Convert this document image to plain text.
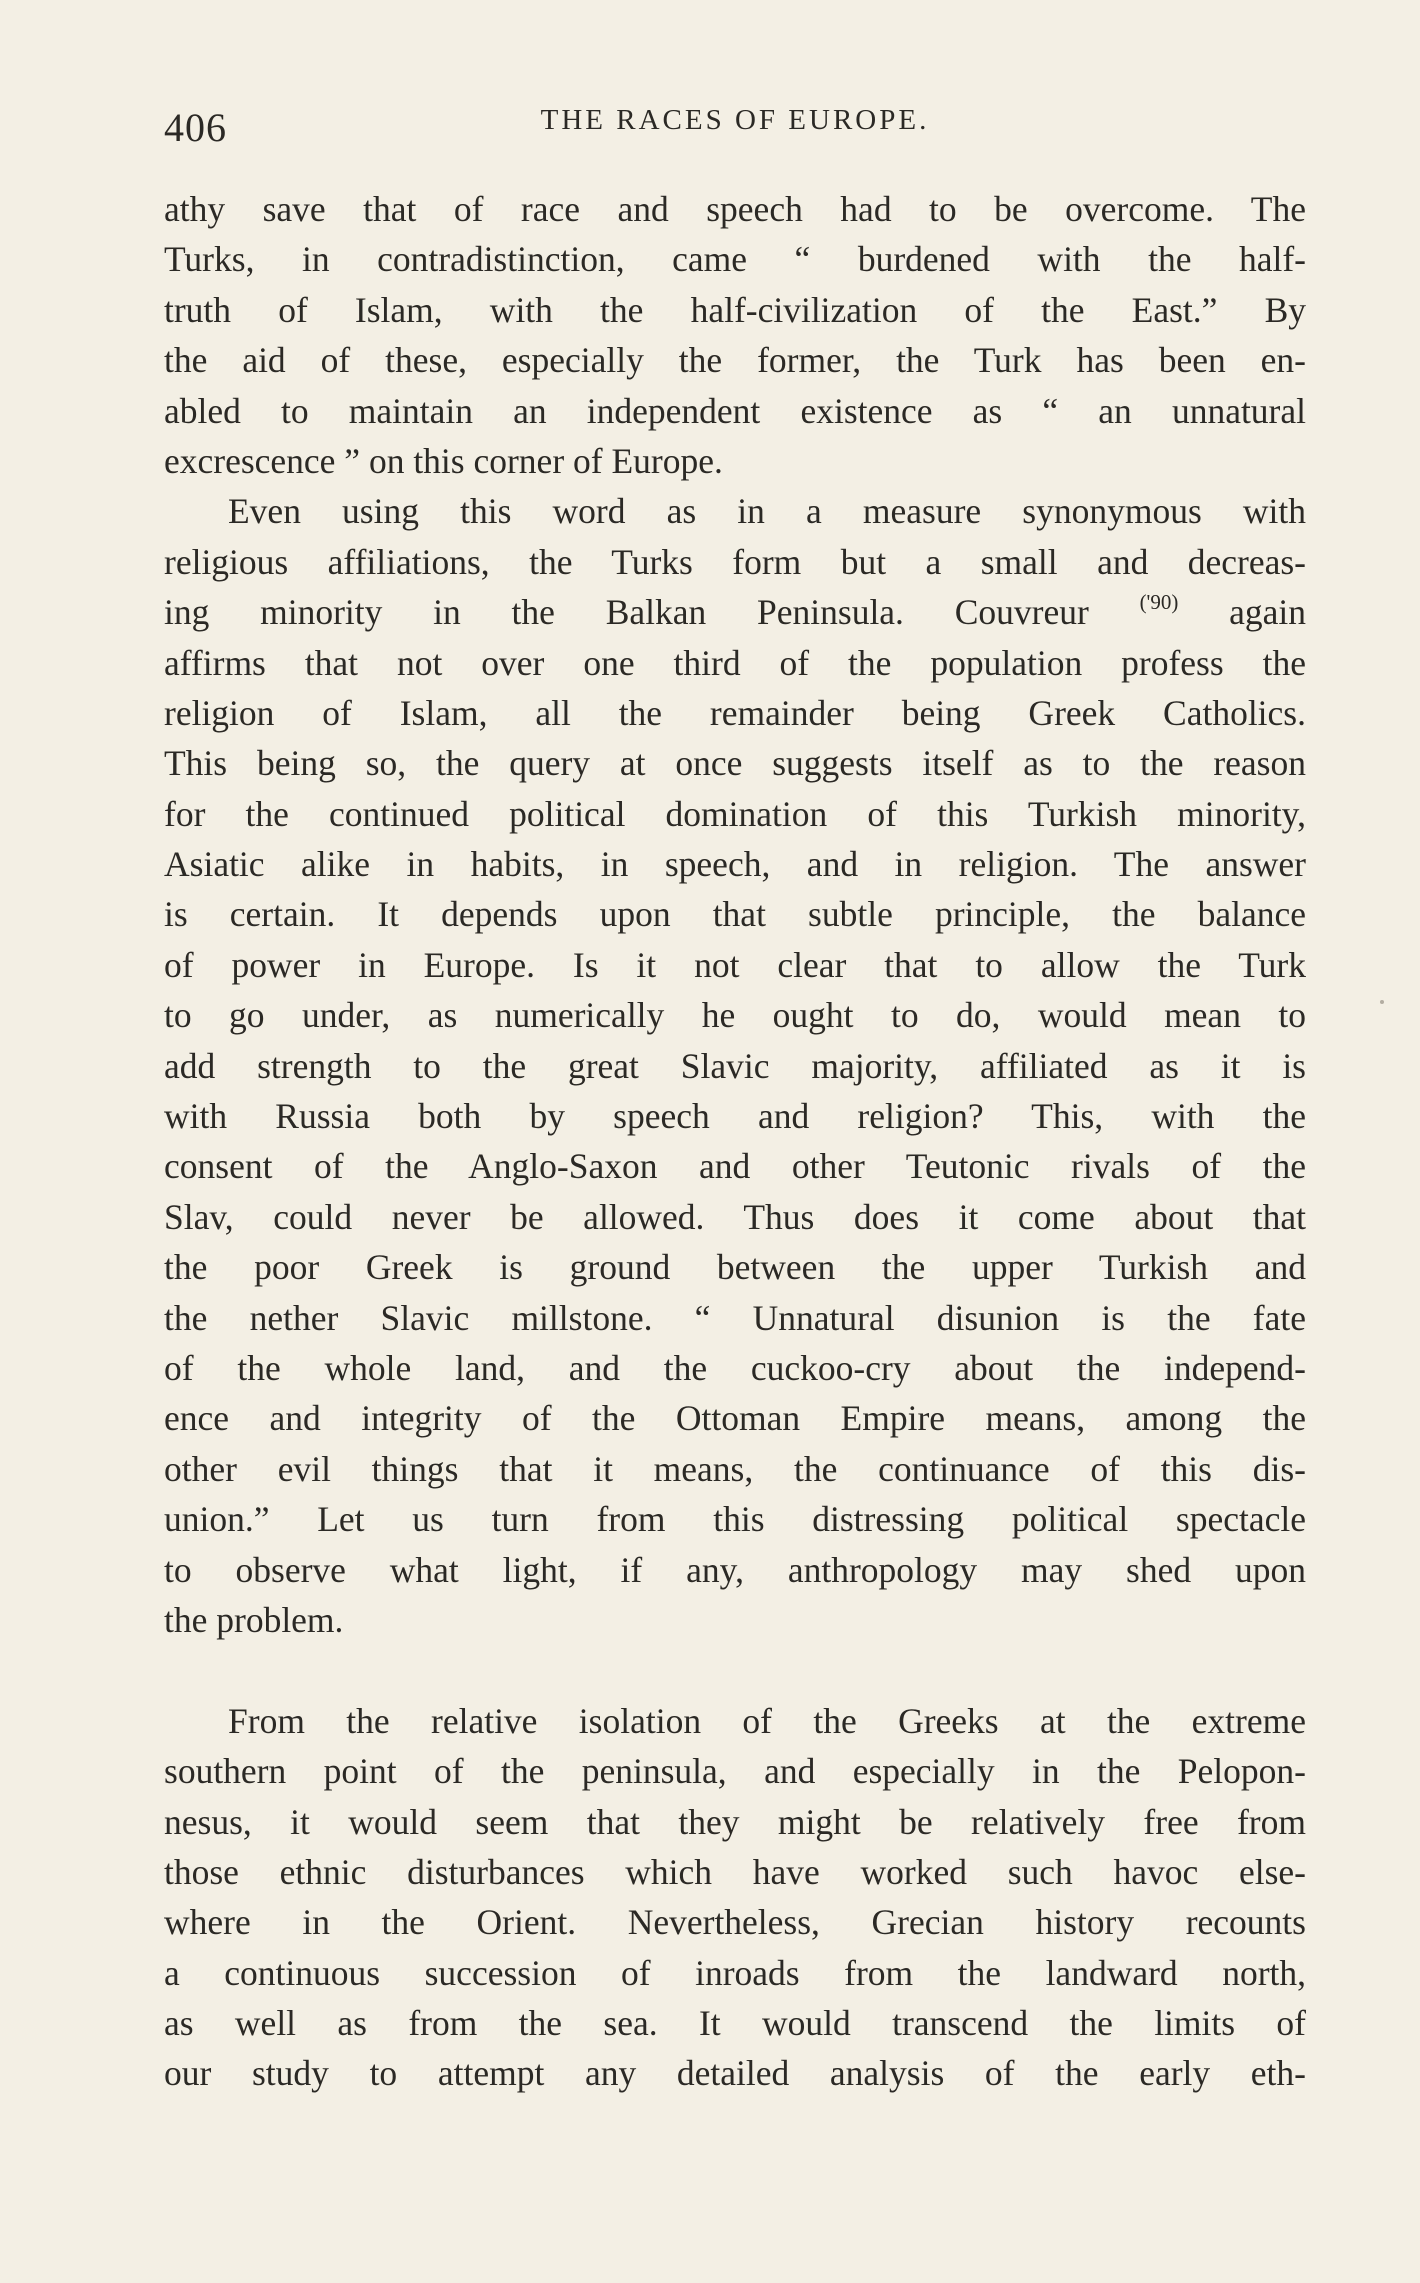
406	THE RACES OF EUROPE.
athy save that of race and speech had to be overcome. The
Turks, in contradistinction, came “ burdened with the half-
truth of Islam, with the half-civilization of the East.” By
the aid of these, especially the former, the Turk has been en-
abled to maintain an independent existence as “ an unnatural
excrescence ” on this corner of Europe.
Even using this word as in a measure synonymous with
religious affiliations, the Turks form but a small and decreas-
ing minority in the Balkan Peninsula. Couvreur $^{('90)}$ again
affirms that not over one third of the population profess the
religion of Islam, all the remainder being Greek Catholics.
This being so, the query at once suggests itself as to the reason
for the continued political domination of this Turkish minority,
Asiatic alike in habits, in speech, and in religion. The answer
is certain. It depends upon that subtle principle, the balance
of power in Europe. Is it not clear that to allow the Turk
to go under, as numerically he ought to do, would mean to
add strength to the great Slavic majority, affiliated as it is
with Russia both by speech and religion? This, with the
consent of the Anglo-Saxon and other Teutonic rivals of the
Slav, could never be allowed. Thus does it come about that
the poor Greek is ground between the upper Turkish and
the nether Slavic millstone. “ Unnatural disunion is the fate
of the whole land, and the cuckoo-cry about the independ-
ence and integrity of the Ottoman Empire means, among the
other evil things that it means, the continuance of this dis-
union.” Let us turn from this distressing political spectacle
to observe what light, if any, anthropology may shed upon
the problem.
From the relative isolation of the Greeks at the extreme
southern point of the peninsula, and especially in the Pelopon-
nesus, it would seem that they might be relatively free from
those ethnic disturbances which have worked such havoc else-
where in the Orient. Nevertheless, Grecian history recounts
a continuous succession of inroads from the landward north,
as well as from the sea. It would transcend the limits of
our study to attempt any detailed analysis of the early eth-
